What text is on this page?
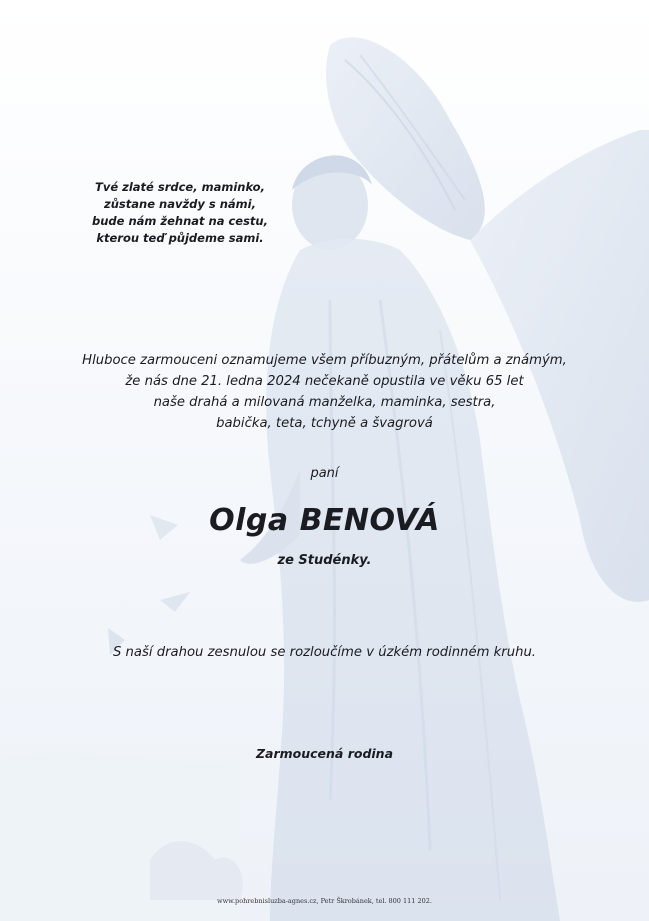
Tvé zlaté srdce, maminko,
zůstane navždy s námi,
bude nám žehnat na cestu,
kterou teď půjdeme sami.
Hluboce zarmouceni oznamujeme všem příbuzným, přátelům a známým,
že nás dne 21. ledna 2024 nečekaně opustila ve věku 65 let
naše drahá a milovaná manželka, maminka, sestra,
babička, teta, tchyně a švagrová
paní
Olga BENOVÁ
ze Studénky.
S naší drahou zesnulou se rozloučíme v úzkém rodinném kruhu.
Zarmoucená rodina
www.pohrebnisluzba-agnes.cz, Petr Škrobánek, tel. 800 111 202.
